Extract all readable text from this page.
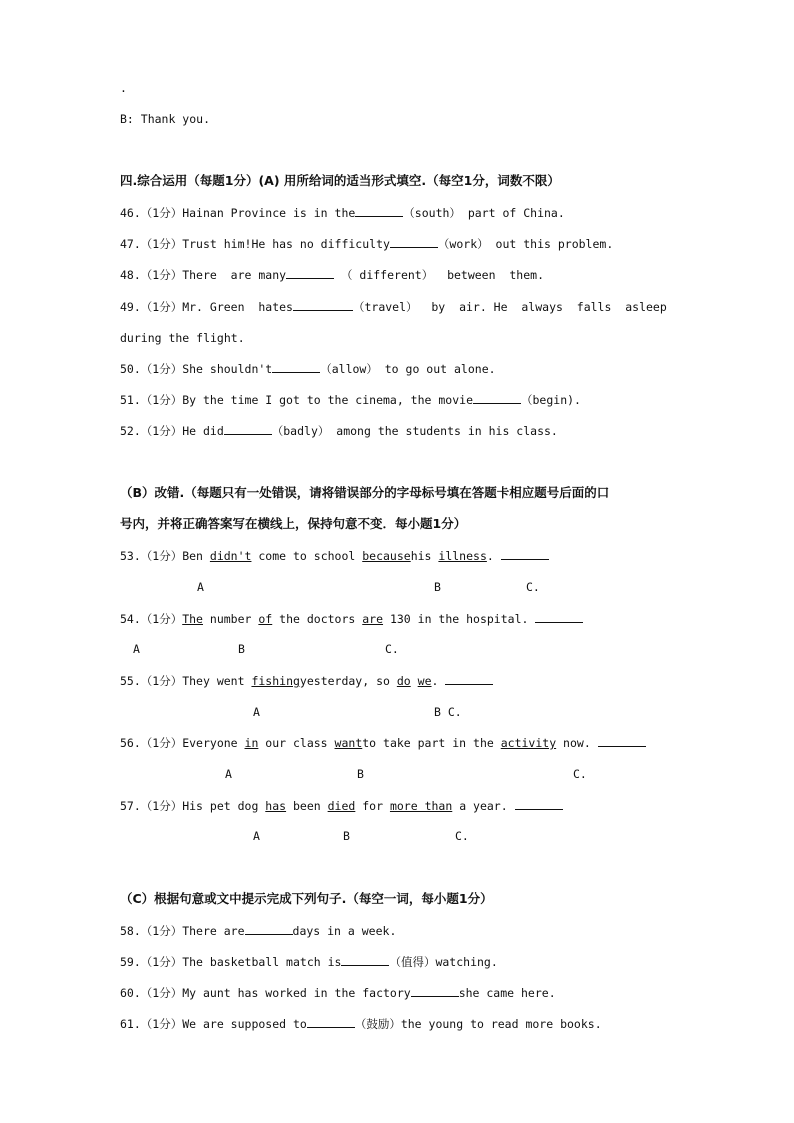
.
B: Thank you.
四.综合运用（每题1分）(A) 用所给词的适当形式填空.（每空1分，词数不限）
46.（1分）Hainan Province is in the	（south） part of China.
47.（1分）Trust him!He has no difficulty	（work） out this problem.
48.（1分）There  are many	（ different）  between  them.
49.（1分）Mr. Green  hates	（travel）  by  air. He  always  falls  asleep
during the flight.
50.（1分）She shouldn't	（allow） to go out alone.
51.（1分）By the time I got to the cinema, the movie	（begin).
52.（1分）He did	（badly） among the students in his class.
（B）改错.（每题只有一处错误，请将错误部分的字母标号填在答题卡相应题号后面的口
号内，并将正确答案写在横线上，保持句意不变．每小题1分）
53.（1分）Ben didn't come to school becausehis illness.
A	B	C.
54.（1分）The number of the doctors are 130 in the hospital.
A	B	C.
55.（1分）They went fishingyesterday, so do we.
A	B C.
56.（1分）Everyone in our class wantto take part in the activity now.
A	B	C.
57.（1分）His pet dog has been died for more than a year.
A	B	C.
（C）根据句意或文中提示完成下列句子.（每空一词，每小题1分）
58.（1分）There are	days in a week.
59.（1分）The basketball match is	（值得）watching.
60.（1分）My aunt has worked in the factory	she came here.
61.（1分）We are supposed to	（鼓励）the young to read more books.
